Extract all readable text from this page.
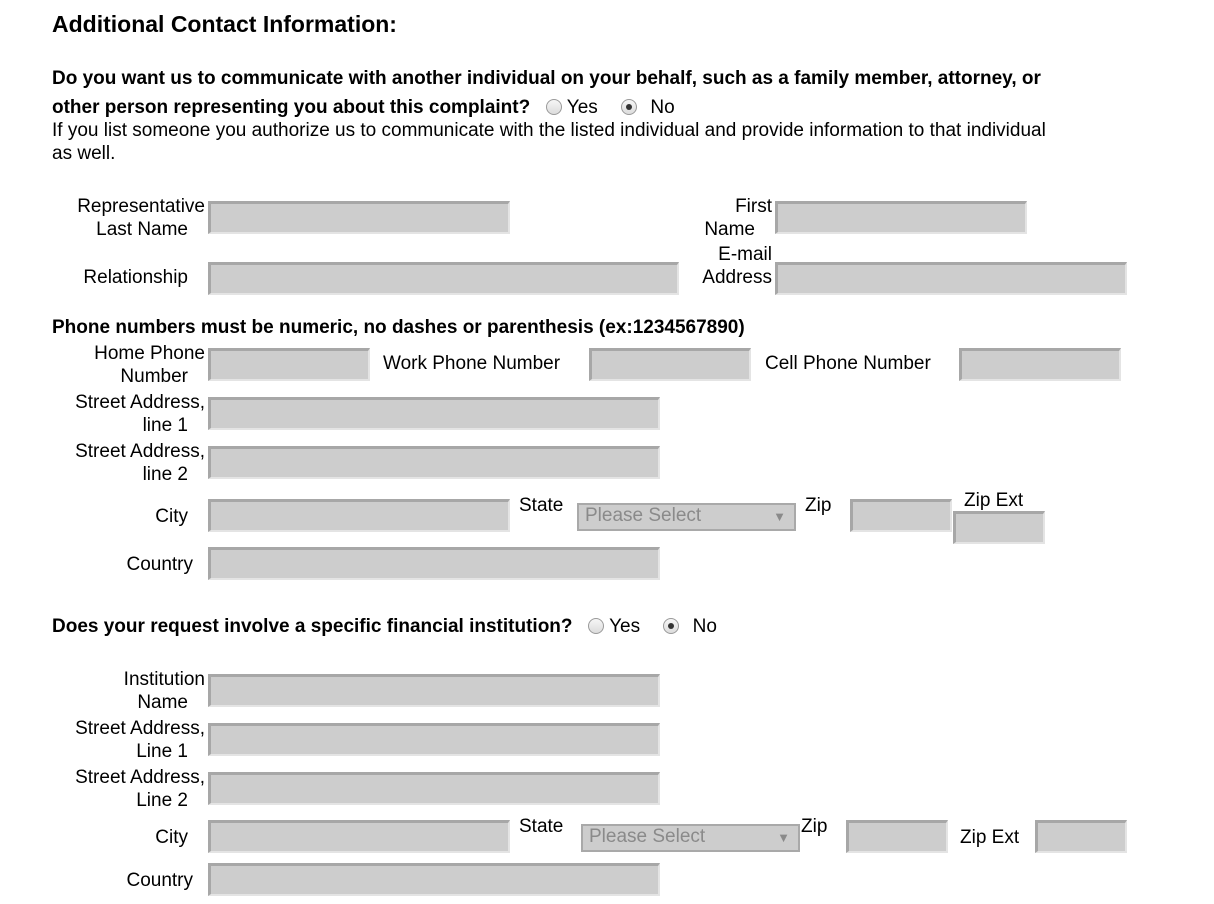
Additional Contact Information:
Do you want us to communicate with another individual on your behalf, such as a family member, attorney, or
other person representing you about this complaint? Yes	No
If you list someone you authorize us to communicate with the listed individual and provide information to that individual
as well.
Representative
Last Name
First
Name
Relationship
E-mail
Address
Phone numbers must be numeric, no dashes or parenthesis (ex:1234567890)
Home Phone
Number
Work Phone Number	Cell Phone Number
Street Address,
line 1
Street Address,
line 2
City
State	Please Select	▼
Zip	Zip Ext
Country
Does your request involve a specific financial institution? Yes	No
Institution
Name
Street Address,
Line 1
Street Address,
Line 2
City
State	Please Select	▼
Zip
Zip Ext
Country
